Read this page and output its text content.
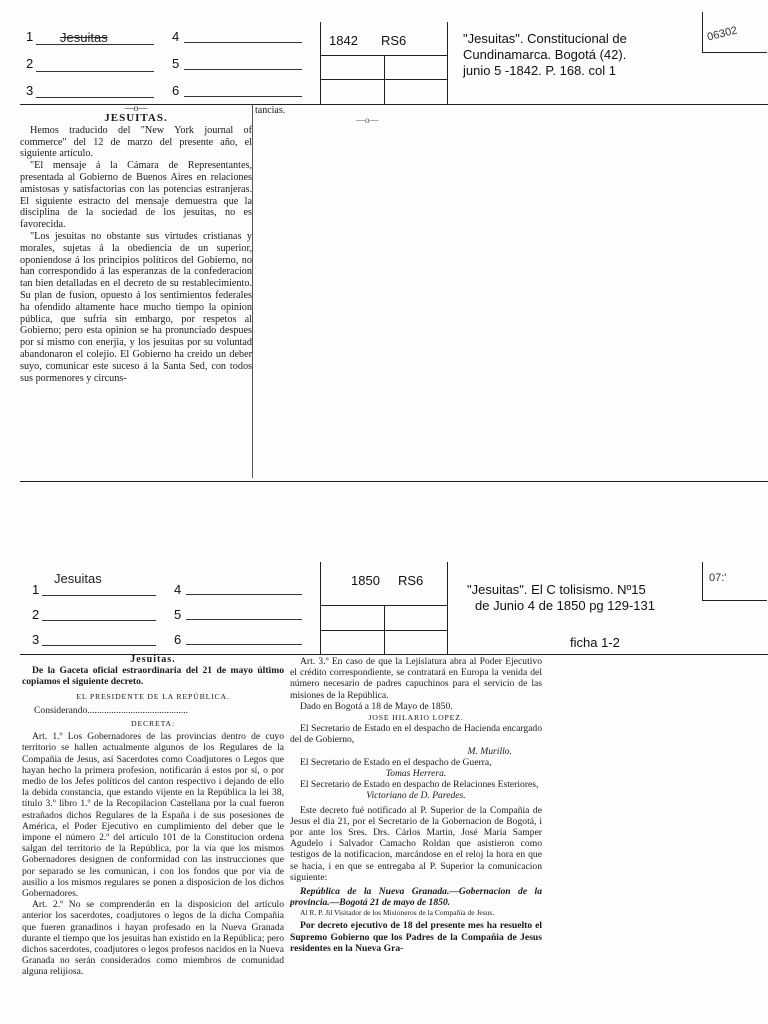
1 Jesuitas
2
3
4
5
6
1842 RS6	"Jesuitas". Constitucional de
Cundinamarca. Bogotá (42).
junio 5 -1842. P. 168. col 1
06302
—o—
JESUITAS.

Hemos traducido del "New York journal of commerce" del 12 de marzo del presente año, el siguiente artículo.

"El mensaje á la Cámara de Representantes, presentada al Gobierno de Buenos Aires en relaciones amistosas y satisfactorias con las potencias estranjeras. El siguiente estracto del mensaje demuestra que la disciplina de la sociedad de los jesuitas, no es favorecida.

"Los jesuitas no obstante sus virtudes cristianas y morales, sujetas á la obediencia de un superior, oponiendose á los principios políticos del Gobierno, no han correspondido á las esperanzas de la confederacion tan bien detalladas en el decreto de su restablecimiento. Su plan de fusion, opuesto á los sentimientos federales ha ofendido altamente hace mucho tiempo la opinion pública, que sufria sin embargo, por respetos al Gobierno; pero esta opinion se ha pronunciado despues por sí mismo con enerjia, y los jesuitas por su voluntad abandonaron el colejio. El Gobierno ha creido un deber suyo, comunicar este suceso á la Santa Sed, con todos sus pormenores y circuns-

tancias.
—o—
1
Jesuitas
2
3
4
5
6
1850 RS6
"Jesuitas". El C tolisismo. Nº15
de Junio 4 de 1850 pg 129-131
ficha 1-2
07:'
Jesuitas.

De la Gaceta oficial estraordinaria del 21 de mayo último copiamos el siguiente decreto.

EL PRESIDENTE DE LA REPÚBLICA.
Considerando..........................................
DECRETA:

Art. 1.º Los Gobernadores de las provincias dentro de cuyo territorio se hallen actualmente algunos de los Regulares de la Compañia de Jesus, así Sacerdotes como Coadjutores o Legos que hayan hecho la primera profesion, notificarán á estos por sí, o por medio de los Jefes políticos del canton respectivo i dejando de ello la debida constancia, que estando vijente en la República la lei 38, título 3.º libro 1.º de la Recopilacion Castellana por la cual fueron estrañados dichos Regulares de la España i de sus posesiones de América, el Poder Ejecutivo en cumplimiento del deber que le impone el número 2.º del artículo 101 de la Constitucion ordena salgan del territorio de la República, por la via que los mismos Gobernadores designen de conformidad con las instrucciones que por separado se les comunican, i con los fondos que por via de ausilio a los mismos regulares se ponen a disposicion de los dichos Gobernadores.

Art. 2.º No se comprenderán en la disposicion del artículo anterior los sacerdotes, coadjutores o legos de la dicha Compañia que fueren granadinos i hayan profesado en la Nueva Granada durante el tiempo que los jesuitas han existido en la República; pero dichos sacerdotes, coadjutores o legos profesos nacidos en la Nueva Granada no serán considerados como miembros de comunidad alguna relijiosa.

Art. 3.º En caso de que la Lejislatura abra al Poder Ejecutivo el crédito correspondiente, se contratará en Europa la venida del número necesario de padres capuchinos para el servicio de las misiones de la República.

Dado en Bogotá a 18 de Mayo de 1850.

JOSE HILARIO LOPEZ.

El Secretario de Estado en el despacho de Hacienda encargado del de Gobierno,

M. Murillo.

El Secretario de Estado en el despacho de Guerra,

Tomas Herrera.

El Secretario de Estado en despacho de Relaciones Esteriores,

Victoriano de D. Paredes.

Este decreto fué notificado al P. Superior de la Compañia de Jesus el dia 21, por el Secretario de la Gobernacion de Bogotá, i por ante los Sres. Drs. Cárlos Martin, José María Samper Agudelo i Salvador Camacho Roldan que asistieron como testigos de la notificacion, marcándose en el reloj la hora en que se hacia, i en que se entregaba al P. Superior la comunicacion siguiente:

República de la Nueva Granada.—Gobernacion de la provincia.—Bogotá 21 de mayo de 1850.

Al R. P. Jil Visitador de los Misioneros de la Compañia de Jesus.

Por decreto ejecutivo de 18 del presente mes ha resuelto el Supremo Gobierno que los Padres de la Compañia de Jesus residentes en la Nueva Gra-
